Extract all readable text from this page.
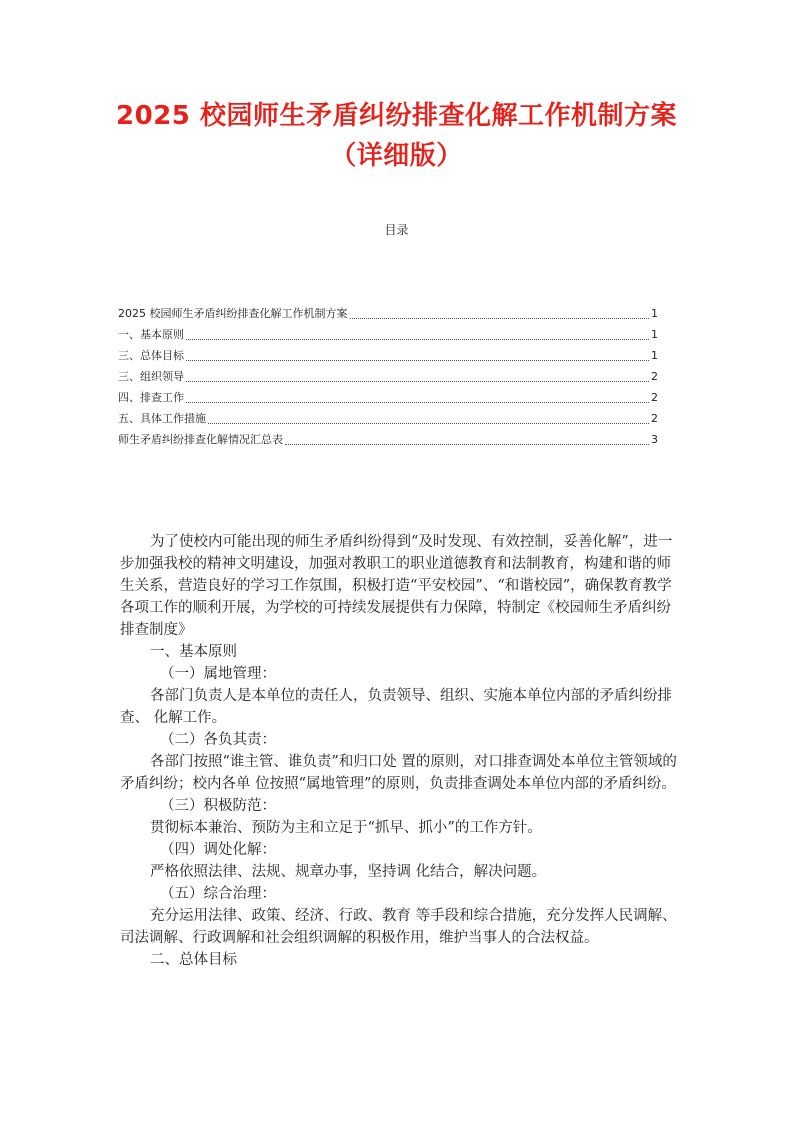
2025 校园师生矛盾纠纷排查化解工作机制方案（详细版）
目录
2025 校园师生矛盾纠纷排查化解工作机制方案	1
一、基本原则	1
三、总体目标	1
三、组织领导	2
四、排查工作	2
五、具体工作措施	2
师生矛盾纠纷排查化解情况汇总表	3

为了使校内可能出现的师生矛盾纠纷得到“及时发现、有效控制，妥善化解”，进一步加强我校的精神文明建设，加强对教职工的职业道德教育和法制教育，构建和谐的师生关系，营造良好的学习工作氛围，积极打造“平安校园”、“和谐校园”，确保教育教学各项工作的顺利开展，为学校的可持续发展提供有力保障，特制定《校园师生矛盾纠纷排查制度》

一、基本原则

（一）属地管理：

各部门负责人是本单位的责任人，负责领导、组织、实施本单位内部的矛盾纠纷排查、 化解工作。

（二）各负其责：

各部门按照“谁主管、谁负责”和归口处 置的原则，对口排查调处本单位主管领域的矛盾纠纷；校内各单 位按照“属地管理”的原则，负责排查调处本单位内部的矛盾纠纷。

（三）积极防范：

贯彻标本兼治、预防为主和立足于“抓早、抓小”的工作方针。

（四）调处化解：

严格依照法律、法规、规章办事，坚持调 化结合，解决问题。

（五）综合治理：

充分运用法律、政策、经济、行政、教育 等手段和综合措施，充分发挥人民调解、司法调解、行政调解和社会组织调解的积极作用，维护当事人的合法权益。

二、总体目标
